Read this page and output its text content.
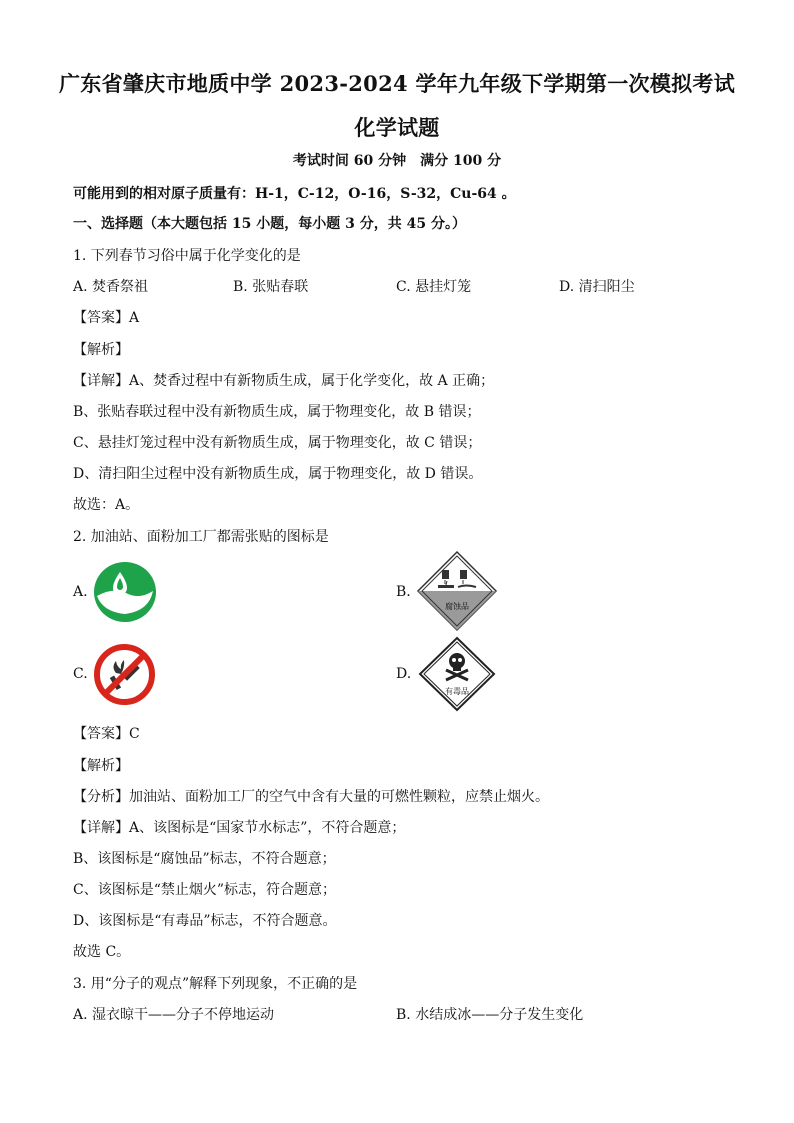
广东省肇庆市地质中学 2023-2024 学年九年级下学期第一次模拟考试
化学试题
考试时间 60 分钟　满分 100 分
可能用到的相对原子质量有：H-1，C-12，O-16，S-32，Cu-64 。
一、选择题（本大题包括 15 小题，每小题 3 分，共 45 分。）
1. 下列春节习俗中属于化学变化的是
A. 焚香祭祖	B. 张贴春联	C. 悬挂灯笼	D. 清扫阳尘
【答案】A
【解析】
【详解】A、焚香过程中有新物质生成，属于化学变化，故 A 正确；
B、张贴春联过程中没有新物质生成，属于物理变化，故 B 错误；
C、悬挂灯笼过程中没有新物质生成，属于物理变化，故 C 错误；
D、清扫阳尘过程中没有新物质生成，属于物理变化，故 D 错误。
故选：A。
2. 加油站、面粉加工厂都需张贴的图标是
A.	B.
腐蚀品
C.	D.
有毒品
【答案】C
【解析】
【分析】加油站、面粉加工厂的空气中含有大量的可燃性颗粒，应禁止烟火。
【详解】A、该图标是“国家节水标志”，不符合题意；
B、该图标是“腐蚀品”标志，不符合题意；
C、该图标是“禁止烟火”标志，符合题意；
D、该图标是“有毒品”标志，不符合题意。
故选 C。
3. 用“分子的观点”解释下列现象，不正确的是
A. 湿衣晾干——分子不停地运动	B. 水结成冰——分子发生变化
